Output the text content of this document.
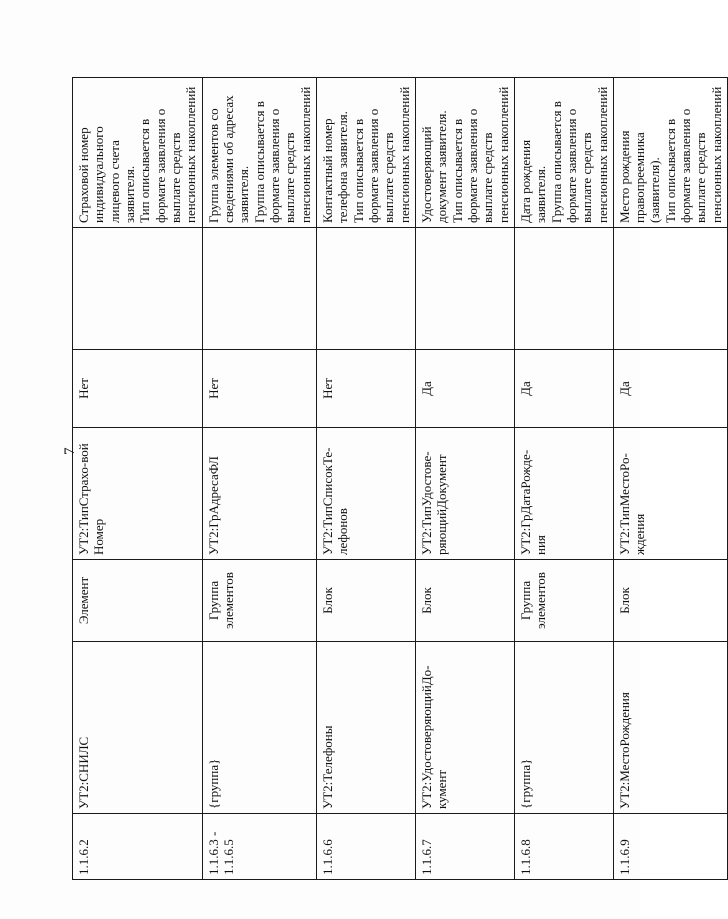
7
1.1.6.2	УТ2:СНИЛС	Элемент	УТ2:ТипСтрахо-вой​Номер	Нет		Страховой номер индивидуального лицевого счета заявителя.
Тип описывается в формате заявления о выплате средств пенсионных накоплений
1.1.6.3 - 1.1.6.5	{группа}	Группа элементов	УТ2:ГрАдресаФЛ	Нет		Группа элементов со сведениями об адресах заявителя.
Группа описывается в формате заявления о выплате средств пенсионных накоплений
1.1.6.6	УТ2:Телефоны	Блок	УТ2:ТипСписокТе-лефонов	Нет		Контактный номер телефона заявителя.
Тип описывается в формате заявления о выплате средств пенсионных накоплений
1.1.6.7	УТ2:УдостоверяющийДо-кумент	Блок	УТ2:ТипУдостове-ряющийДокумент	Да		Удостоверяющий документ заявителя.
Тип описывается в формате заявления о выплате средств пенсионных накоплений
1.1.6.8	{группа}	Группа элементов	УТ2:ГрДатаРожде-ния	Да		Дата рождения заявителя.
Группа описывается в формате заявления о выплате средств пенсионных накоплений
1.1.6.9	УТ2:МестоРождения	Блок	УТ2:ТипМестоРо-ждения	Да		Место рождения правопреемника (заявителя).
Тип описывается в формате заявления о выплате средств пенсионных накоплений
